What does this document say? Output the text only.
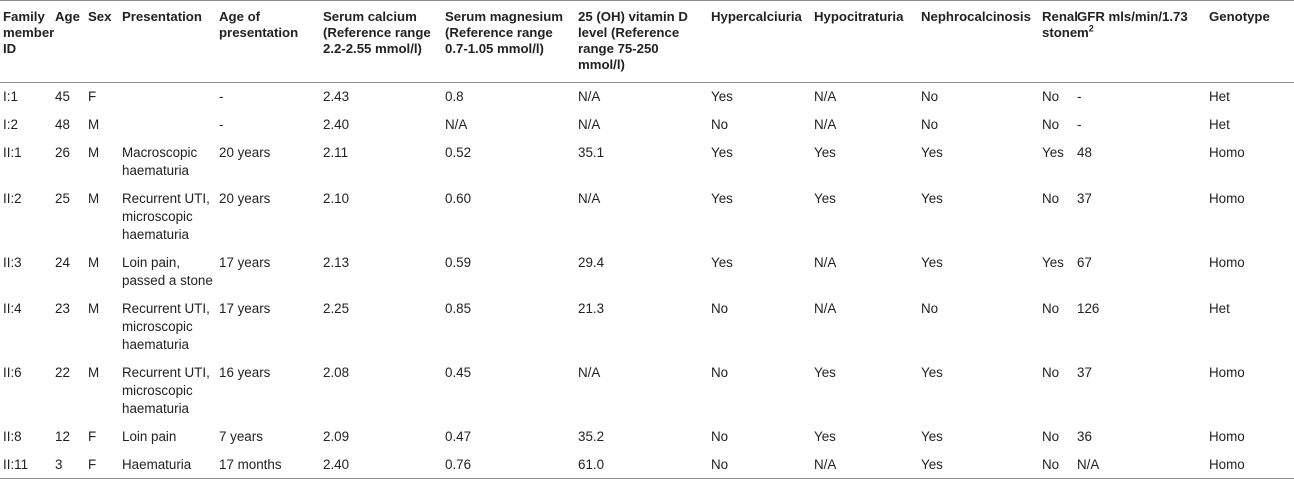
Family member ID	Age	Sex	Presentation	Age of presentation	Serum calcium (Reference range 2.2-2.55 mmol/l)	Serum magnesium (Reference range 0.7-1.05 mmol/l)	25 (OH) vitamin D level (Reference range 75-250 mmol/l)	Hypercalciuria	Hypocitraturia	Nephrocalcinosis	Renal stone	GFR mls/min/1.73 $m^2$	Genotype
I:1	45	F		-	2.43	0.8	N/A	Yes	N/A	No	No	-	Het
I:2	48	M		-	2.40	N/A	N/A	No	N/A	No	No	-	Het
II:1	26	M	Macroscopic haematuria	20 years	2.11	0.52	35.1	Yes	Yes	Yes	Yes	48	Homo
II:2	25	M	Recurrent UTI, microscopic haematuria	20 years	2.10	0.60	N/A	Yes	Yes	Yes	No	37	Homo
II:3	24	M	Loin pain, passed a stone	17 years	2.13	0.59	29.4	Yes	N/A	Yes	Yes	67	Homo
II:4	23	M	Recurrent UTI, microscopic haematuria	17 years	2.25	0.85	21.3	No	N/A	No	No	126	Het
II:6	22	M	Recurrent UTI, microscopic haematuria	16 years	2.08	0.45	N/A	No	Yes	Yes	No	37	Homo
II:8	12	F	Loin pain	7 years	2.09	0.47	35.2	No	Yes	Yes	No	36	Homo
II:11	3	F	Haematuria	17 months	2.40	0.76	61.0	No	N/A	Yes	No	N/A	Homo
